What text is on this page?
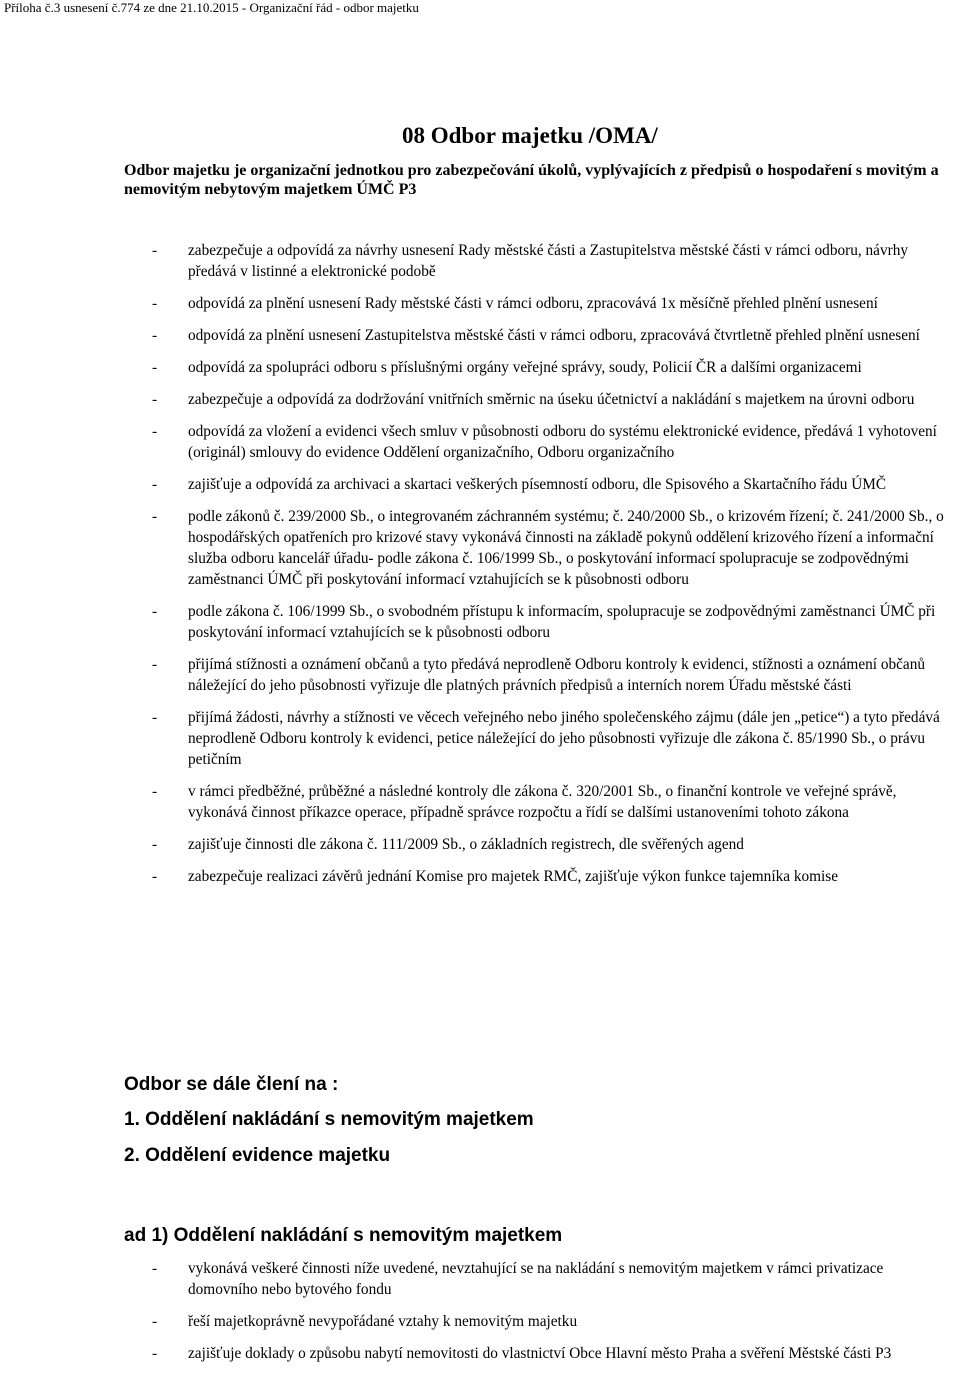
Příloha č.3 usnesení č.774 ze dne 21.10.2015 - Organizační řád - odbor majetku
08 Odbor majetku /OMA/
Odbor majetku je organizační jednotkou pro zabezpečování úkolů, vyplývajících z předpisů o hospodaření s movitým a nemovitým nebytovým majetkem ÚMČ P3
- zabezpečuje a odpovídá za návrhy usnesení Rady městské části a Zastupitelstva městské části v rámci odboru, návrhy předává v listinné a elektronické podobě
- odpovídá za plnění usnesení Rady městské části v rámci odboru, zpracovává 1x měsíčně přehled plnění usnesení
- odpovídá za plnění usnesení Zastupitelstva městské části v rámci odboru, zpracovává čtvrtletně přehled plnění usnesení
- odpovídá za spolupráci odboru s příslušnými orgány veřejné správy, soudy, Policií ČR a dalšími organizacemi
- zabezpečuje a odpovídá za dodržování vnitřních směrnic na úseku účetnictví a nakládání s majetkem na úrovni odboru
- odpovídá za vložení a evidenci všech smluv v působnosti odboru do systému elektronické evidence, předává 1 vyhotovení (originál) smlouvy do evidence Oddělení organizačního, Odboru organizačního
- zajišťuje a odpovídá za archivaci a skartaci veškerých písemností odboru, dle Spisového a Skartačního řádu ÚMČ
- podle zákonů č. 239/2000 Sb., o integrovaném záchranném systému; č. 240/2000 Sb., o krizovém řízení; č. 241/2000 Sb., o hospodářských opatřeních pro krizové stavy vykonává činnosti na základě pokynů oddělení krizového řízení a informační služba odboru kancelář úřadu- podle zákona č. 106/1999 Sb., o poskytování informací spolupracuje se zodpovědnými zaměstnanci ÚMČ při poskytování informací vztahujících se k působnosti odboru
- podle zákona č. 106/1999 Sb., o svobodném přístupu k informacím, spolupracuje se zodpovědnými zaměstnanci ÚMČ při poskytování informací vztahujících se k působnosti odboru
- přijímá stížnosti a oznámení občanů a tyto předává neprodleně Odboru kontroly k evidenci, stížnosti a oznámení občanů náležející do jeho působnosti vyřizuje dle platných právních předpisů a interních norem Úřadu městské části
- přijímá žádosti, návrhy a stížnosti ve věcech veřejného nebo jiného společenského zájmu (dále jen „petice“) a tyto předává neprodleně Odboru kontroly k evidenci, petice náležející do jeho působnosti vyřizuje dle zákona č. 85/1990 Sb., o právu petičním
- v rámci předběžné, průběžné a následné kontroly dle zákona č. 320/2001 Sb., o finanční kontrole ve veřejné správě, vykonává činnost příkazce operace, případně správce rozpočtu a řídí se dalšími ustanoveními tohoto zákona
- zajišťuje činnosti dle zákona č. 111/2009 Sb., o základních registrech, dle svěřených agend
- zabezpečuje realizaci závěrů jednání Komise pro majetek RMČ, zajišťuje výkon funkce tajemníka komise
Odbor se dále člení na :
1. Oddělení nakládání s nemovitým majetkem
2. Oddělení evidence majetku
ad 1) Oddělení nakládání s nemovitým majetkem
- vykonává veškeré činnosti níže uvedené, nevztahující se na nakládání s nemovitým majetkem v rámci privatizace domovního nebo bytového fondu
- řeší majetkoprávně nevypořádané vztahy k nemovitým majetku
- zajišťuje doklady o způsobu nabytí nemovitosti do vlastnictví Obce Hlavní město Praha a svěření Městské části P3
